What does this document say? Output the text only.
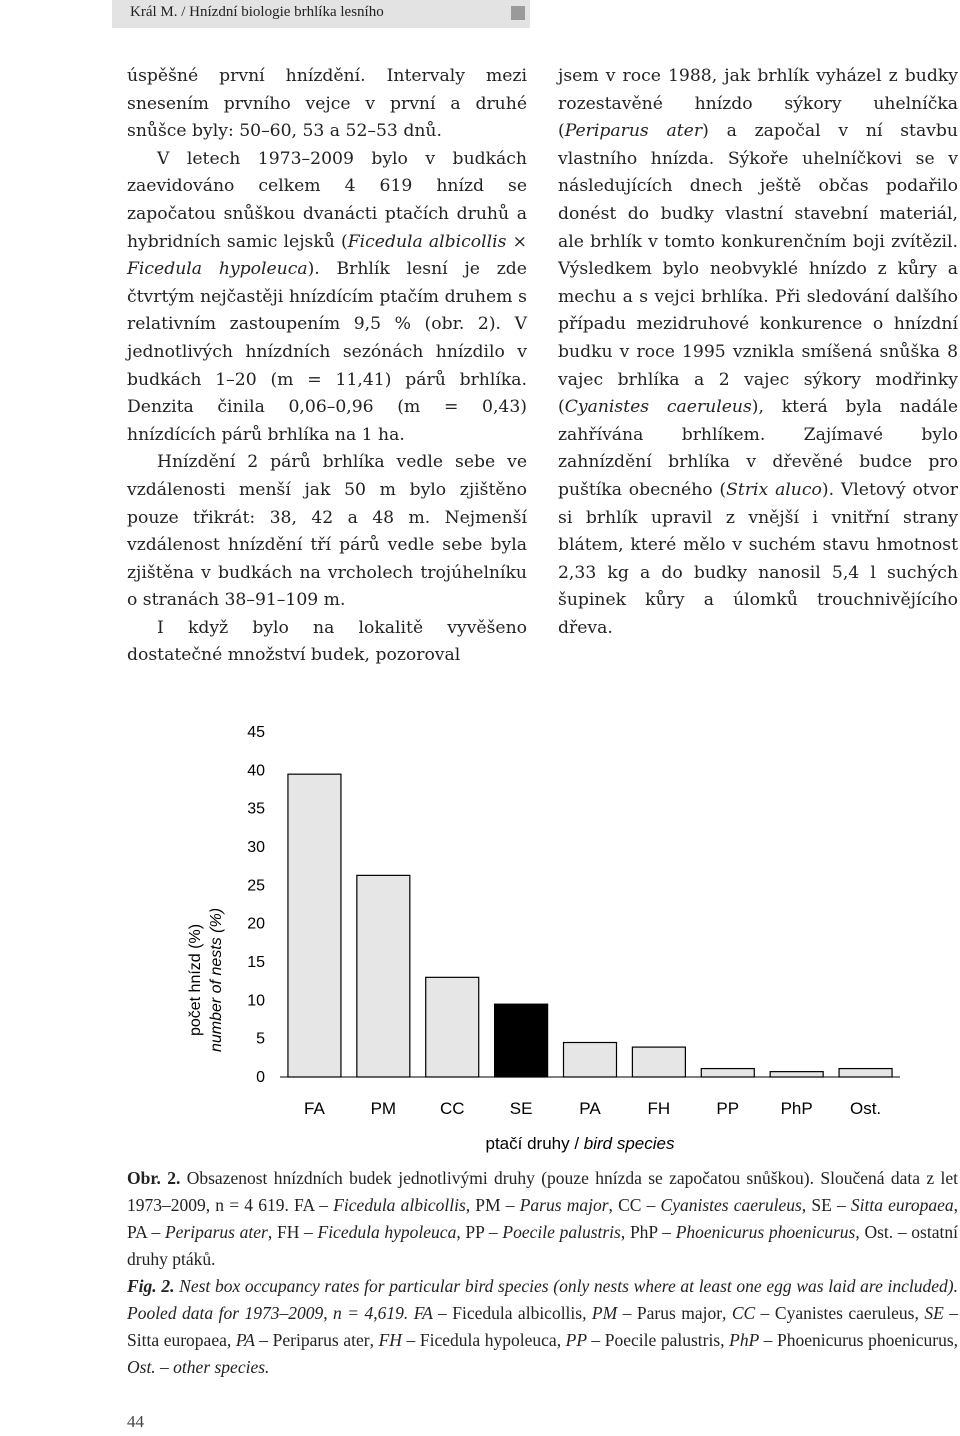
Král M. / Hnízdní biologie brhlíka lesního

úspěšné první hnízdění. Intervaly mezi snesením prvního vejce v první a druhé snůšce byly: 50–60, 53 a 52–53 dnů.

V letech 1973–2009 bylo v budkách zaevidováno celkem 4 619 hnízd se započatou snůškou dvanácti ptačích druhů a hybridních samic lejsků (Ficedula albicollis × Ficedula hypoleuca). Brhlík lesní je zde čtvrtým nejčastěji hnízdícím ptačím druhem s relativním zastoupením 9,5 % (obr. 2). V jednotlivých hnízdních sezónách hnízdilo v budkách 1–20 (m = 11,41) párů brhlíka. Denzita činila 0,06–0,96 (m = 0,43) hnízdících párů brhlíka na 1 ha.

Hnízdění 2 párů brhlíka vedle sebe ve vzdálenosti menší jak 50 m bylo zjištěno pouze třikrát: 38, 42 a 48 m. Nejmenší vzdálenost hnízdění tří párů vedle sebe byla zjištěna v budkách na vrcholech trojúhelníku o stranách 38–91–109 m.

I když bylo na lokalitě vyvěšeno dostatečné množství budek, pozoroval

jsem v roce 1988, jak brhlík vyházel z budky rozestavěné hnízdo sýkory uhelníčka (Periparus ater) a započal v ní stavbu vlastního hnízda. Sýkoře uhelníčkovi se v následujících dnech ještě občas podařilo donést do budky vlastní stavební materiál, ale brhlík v tomto konkurenčním boji zvítězil. Výsledkem bylo neobvyklé hnízdo z kůry a mechu a s vejci brhlíka. Při sledování dalšího případu mezidruhové konkurence o hnízdní budku v roce 1995 vznikla smíšená snůška 8 vajec brhlíka a 2 vajec sýkory modřinky (Cyanistes caeruleus), která byla nadále zahřívána brhlíkem. Zajímavé bylo zahnízdění brhlíka v dřevěné budce pro puštíka obecného (Strix aluco). Vletový otvor si brhlík upravil z vnější i vnitřní strany blátem, které mělo v suchém stavu hmotnost 2,33 kg a do budky nanosil 5,4 l suchých šupinek kůry a úlomků trouchnivějícího dřeva.

0
5
10
15
20
25
30
35
40
45
FA	PM	CC	SE	PA	FH	PP PhP Ost.
počet hnízd (%) number of nests (%)
ptačí druhy / bird species

Obr. 2. Obsazenost hnízdních budek jednotlivými druhy (pouze hnízda se započatou snůškou). Sloučená data z let 1973–2009, n = 4 619. FA – Ficedula albicollis, PM – Parus major, CC – Cyanistes caeruleus, SE – Sitta europaea, PA – Periparus ater, FH – Ficedula hypoleuca, PP – Poecile palustris, PhP – Phoenicurus phoenicurus, Ost. – ostatní druhy ptáků.

Fig. 2. Nest box occupancy rates for particular bird species (only nests where at least one egg was laid are included). Pooled data for 1973–2009, n = 4,619. FA – Ficedula albicollis, PM – Parus major, CC – Cyanistes caeruleus, SE – Sitta europaea, PA – Periparus ater, FH – Ficedula hypoleuca, PP – Poecile palustris, PhP – Phoenicurus phoenicurus, Ost. – other species.

44
